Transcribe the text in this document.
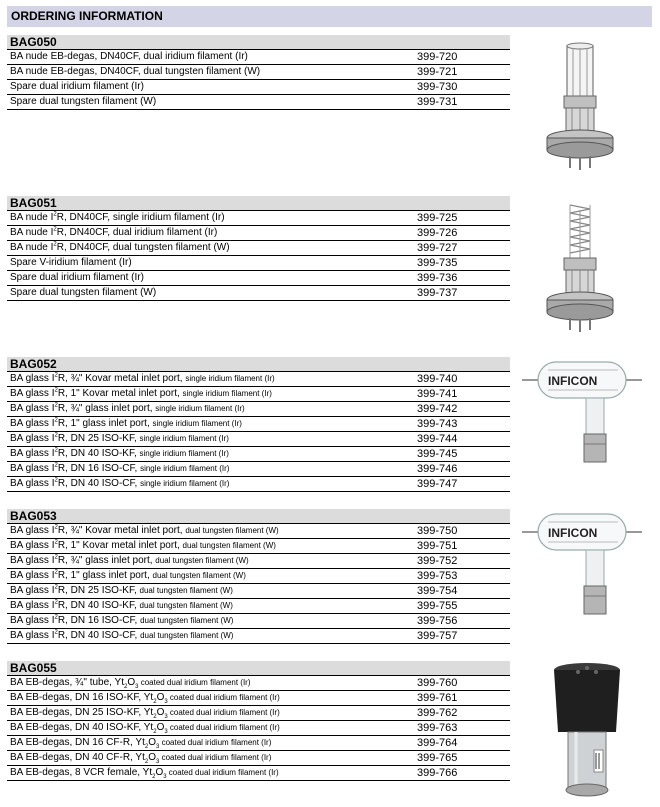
ORDERING INFORMATION
BAG050
BA nude EB-degas, DN40CF, dual iridium filament (Ir)	399-720
BA nude EB-degas, DN40CF, dual tungsten filament (W)	399-721
Spare dual iridium filament (Ir)	399-730
Spare dual tungsten filament (W)	399-731
BAG051
BA nude $I^2R$, DN40CF, single iridium filament (Ir)	399-725
BA nude $I^2R$, DN40CF, dual iridium filament (Ir)	399-726
BA nude $I^2R$, DN40CF, dual tungsten filament (W)	399-727
Spare V-iridium filament (Ir)	399-735
Spare dual iridium filament (Ir)	399-736
Spare dual tungsten filament (W)	399-737
BAG052
BA glass $I^2R$, ¾" Kovar metal inlet port, single iridium filament (Ir)	399-740
BA glass $I^2R$, 1" Kovar metal inlet port, single iridium filament (Ir)	399-741
BA glass $I^2R$, ¾" glass inlet port, single iridium filament (Ir)	399-742
BA glass $I^2R$, 1" glass inlet port, single iridium filament (Ir)	399-743
BA glass $I^2R$, DN 25 ISO-KF, single iridium filament (Ir)	399-744
BA glass $I^2R$, DN 40 ISO-KF, single iridium filament (Ir)	399-745
BA glass $I^2R$, DN 16 ISO-CF, single iridium filament (Ir)	399-746
BA glass $I^2R$, DN 40 ISO-CF, single iridium filament (Ir)	399-747
BAG053
BA glass $I^2R$, ¾" Kovar metal inlet port, dual tungsten filament (W)	399-750
BA glass $I^2R$, 1" Kovar metal inlet port, dual tungsten filament (W)	399-751
BA glass $I^2R$, ¾" glass inlet port, dual tungsten filament (W)	399-752
BA glass $I^2R$, 1" glass inlet port, dual tungsten filament (W)	399-753
BA glass $I^2R$, DN 25 ISO-KF, dual tungsten filament (W)	399-754
BA glass $I^2R$, DN 40 ISO-KF, dual tungsten filament (W)	399-755
BA glass $I^2R$, DN 16 ISO-CF, dual tungsten filament (W)	399-756
BA glass $I^2R$, DN 40 ISO-CF, dual tungsten filament (W)	399-757
BAG055
BA EB-degas, ¾" tube, $Yt_2O_3$ coated dual iridium filament (Ir)	399-760
BA EB-degas, DN 16 ISO-KF, $Yt_2O_3$ coated dual iridium filament (Ir)	399-761
BA EB-degas, DN 25 ISO-KF, $Yt_2O_3$ coated dual iridium filament (Ir)	399-762
BA EB-degas, DN 40 ISO-KF, $Yt_2O_3$ coated dual iridium filament (Ir)	399-763
BA EB-degas, DN 16 CF-R, $Yt_2O_3$ coated dual iridium filament (Ir)	399-764
BA EB-degas, DN 40 CF-R, $Yt_2O_3$ coated dual iridium filament (Ir)	399-765
BA EB-degas, 8 VCR female, $Yt_2O_3$ coated dual iridium filament (Ir)	399-766
INFICON
INFICON
